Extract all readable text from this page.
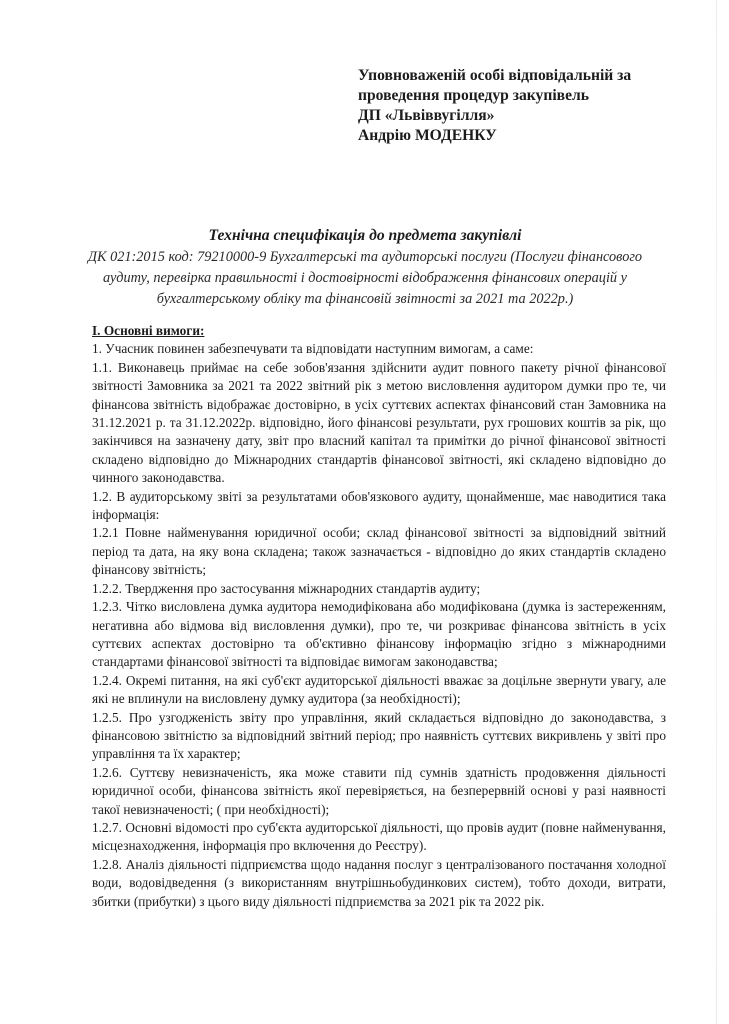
Уповноваженій особі відповідальній за
проведення процедур закупівель
ДП «Львіввугілля»
Андрію МОДЕНКУ
Технічна специфікація до предмета закупівлі
ДК 021:2015 код: 79210000-9 Бухгалтерські та аудиторські послуги (Послуги фінансового аудиту, перевірка правильності і достовірності відображення фінансових операцій у бухгалтерському обліку та фінансовій звітності за 2021 та 2022р.)

І. Основні вимоги:

1. Учасник повинен забезпечувати та відповідати наступним вимогам, а саме:

1.1. Виконавець приймає на себе зобов'язання здійснити аудит повного пакету річної фінансової звітності Замовника за 2021 та 2022 звітний рік з метою висловлення аудитором думки про те, чи фінансова звітність відображає достовірно, в усіх суттєвих аспектах фінансовий стан Замовника на 31.12.2021 р. та 31.12.2022р. відповідно, його фінансові результати, рух грошових коштів за рік, що закінчився на зазначену дату, звіт про власний капітал та примітки до річної фінансової звітності складено відповідно до Міжнародних стандартів фінансової звітності, які складено відповідно до чинного законодавства.

1.2. В аудиторському звіті за результатами обов'язкового аудиту, щонайменше, має наводитися така інформація:

1.2.1 Повне найменування юридичної особи; склад фінансової звітності за відповідний звітний період та дата, на яку вона складена; також зазначається - відповідно до яких стандартів складено фінансову звітність;

1.2.2. Твердження про застосування міжнародних стандартів аудиту;

1.2.3. Чітко висловлена думка аудитора немодифікована або модифікована (думка із застереженням, негативна або відмова від висловлення думки), про те, чи розкриває фінансова звітність в усіх суттєвих аспектах достовірно та об'єктивно фінансову інформацію згідно з міжнародними стандартами фінансової звітності та відповідає вимогам законодавства;

1.2.4. Окремі питання, на які суб'єкт аудиторської діяльності вважає за доцільне звернути увагу, але які не вплинули на висловлену думку аудитора (за необхідності);

1.2.5. Про узгодженість звіту про управління, який складається відповідно до законодавства, з фінансовою звітністю за відповідний звітний період; про наявність суттєвих викривлень у звіті про управління та їх характер;

1.2.6. Суттєву невизначеність, яка може ставити під сумнів здатність продовження діяльності юридичної особи, фінансова звітність якої перевіряється, на безперервній основі у разі наявності такої невизначеності; ( при необхідності);

1.2.7. Основні відомості про суб'єкта аудиторської діяльності, що провів аудит (повне найменування, місцезнаходження, інформація про включення до Реєстру).

1.2.8. Аналіз діяльності підприємства щодо надання послуг з централізованого постачання холодної води, водовідведення (з використанням внутрішньобудинкових систем), тобто доходи, витрати, збитки (прибутки) з цього виду діяльності підприємства за 2021 рік та 2022 рік.
